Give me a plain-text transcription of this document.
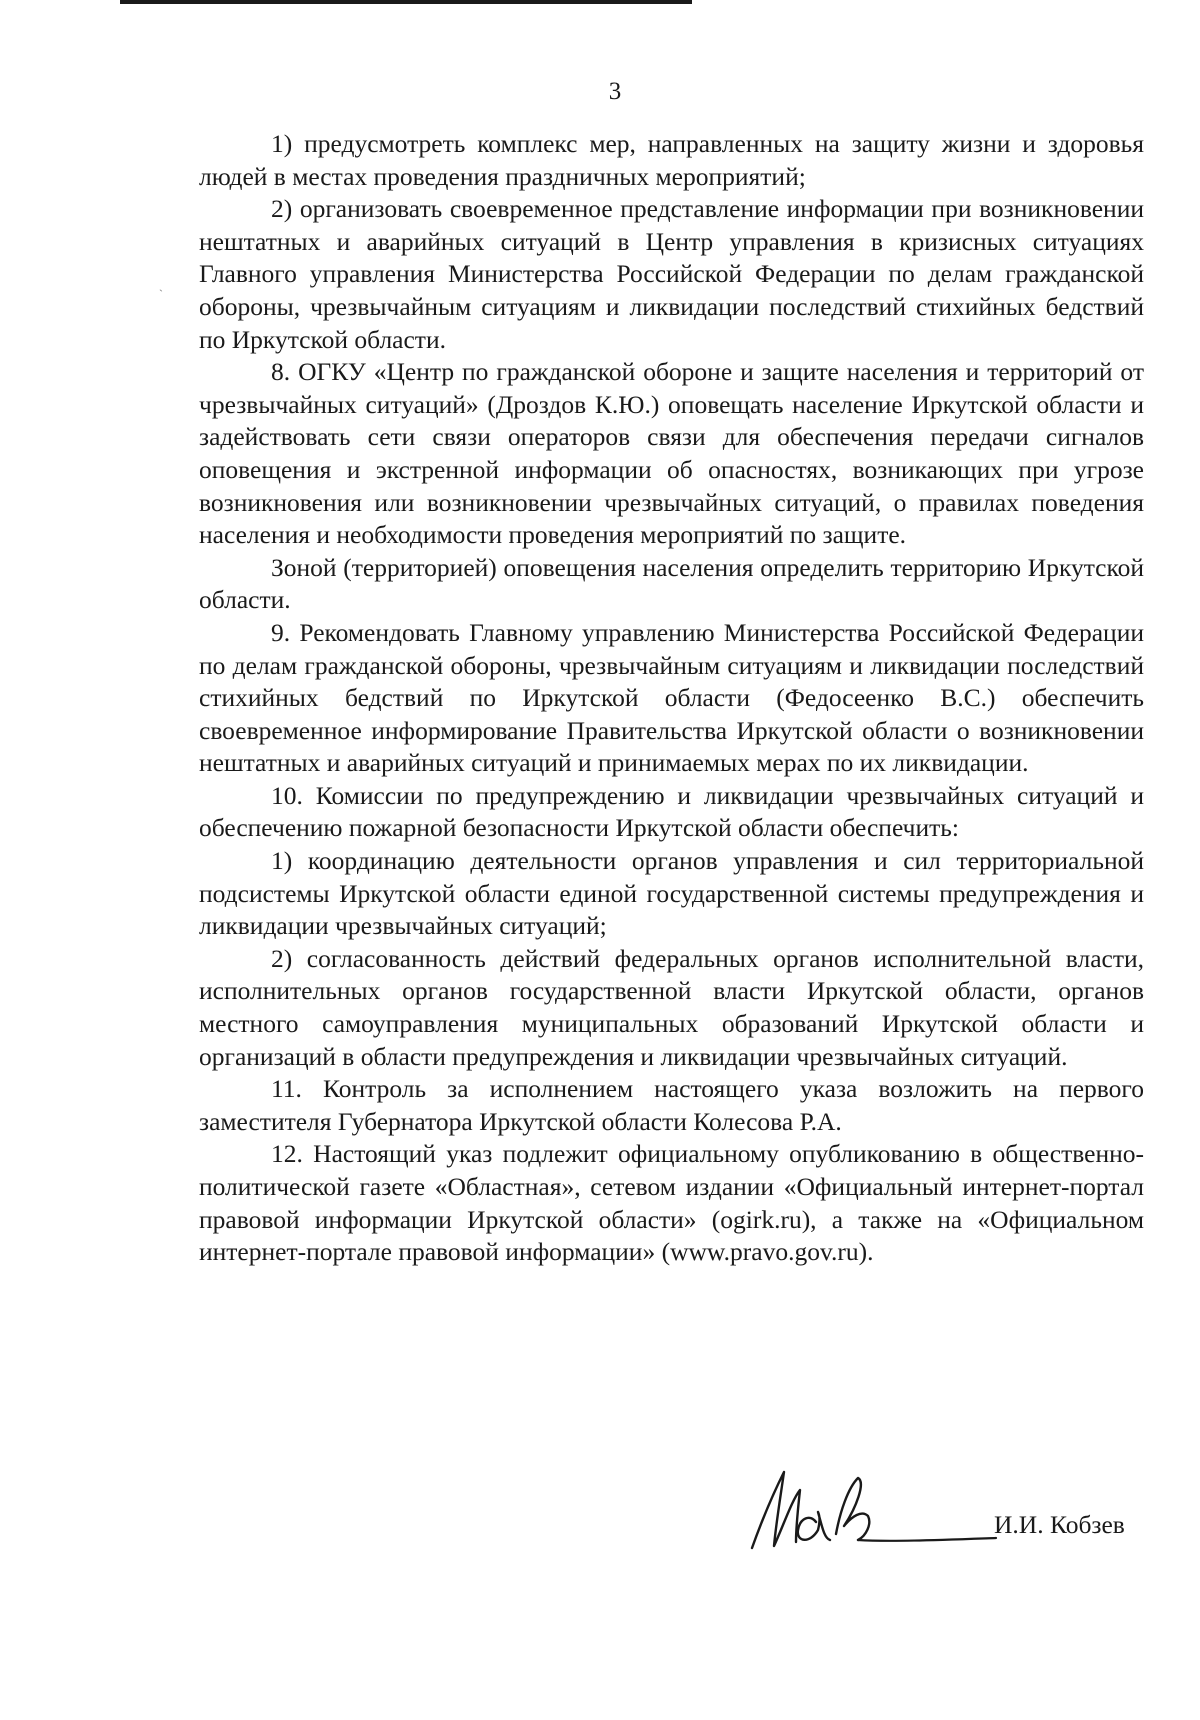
3
`

1) предусмотреть комплекс мер, направленных на защиту жизни и здоровья людей в местах проведения праздничных мероприятий;

2) организовать своевременное представление информации при возникновении нештатных и аварийных ситуаций в Центр управления в кризисных ситуациях Главного управления Министерства Российской Федерации по делам гражданской обороны, чрезвычайным ситуациям и ликвидации последствий стихийных бедствий по Иркутской области.

8. ОГКУ «Центр по гражданской обороне и защите населения и территорий от чрезвычайных ситуаций» (Дроздов К.Ю.) оповещать население Иркутской области и задействовать сети связи операторов связи для обеспечения передачи сигналов оповещения и экстренной информации об опасностях, возникающих при угрозе возникновения или возникновении чрезвычайных ситуаций, о правилах поведения населения и необходимости проведения мероприятий по защите.

Зоной (территорией) оповещения населения определить территорию Иркутской области.

9. Рекомендовать Главному управлению Министерства Российской Федерации по делам гражданской обороны, чрезвычайным ситуациям и ликвидации последствий стихийных бедствий по Иркутской области (Федосеенко В.С.) обеспечить своевременное информирование Правительства Иркутской области о возникновении нештатных и аварийных ситуаций и принимаемых мерах по их ликвидации.

10. Комиссии по предупреждению и ликвидации чрезвычайных ситуаций и обеспечению пожарной безопасности Иркутской области обеспечить:

1) координацию деятельности органов управления и сил территориальной подсистемы Иркутской области единой государственной системы предупреждения и ликвидации чрезвычайных ситуаций;

2) согласованность действий федеральных органов исполнительной власти, исполнительных органов государственной власти Иркутской области, органов местного самоуправления муниципальных образований Иркутской области и организаций в области предупреждения и ликвидации чрезвычайных ситуаций.

11. Контроль за исполнением настоящего указа возложить на первого заместителя Губернатора Иркутской области Колесова Р.А.

12. Настоящий указ подлежит официальному опубликованию в общественно-политической газете «Областная», сетевом издании «Официальный интернет-портал правовой информации Иркутской области» (ogirk.ru), а также на «Официальном интернет-портале правовой информации» (www.pravo.gov.ru).

И.И. Кобзев
